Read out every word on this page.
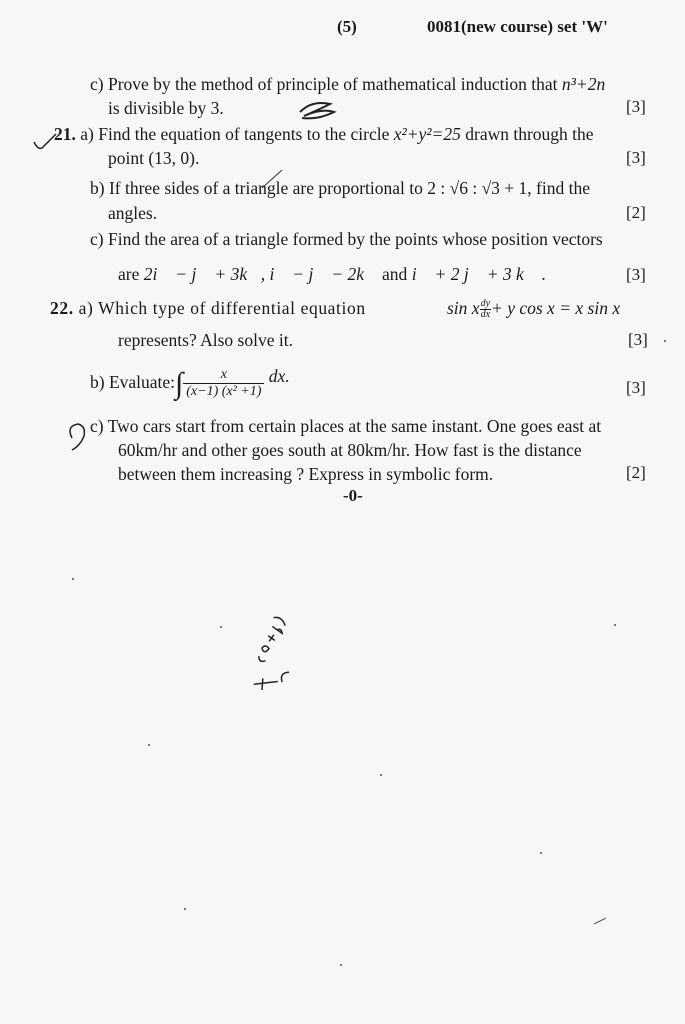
(5)	0081(new course) set 'W'
c) Prove by the method of principle of mathematical induction that n³+2n
is divisible by 3.	[3]
21. a) Find the equation of tangents to the circle x²+y²=25 drawn through the
point (13, 0).	[3]
b) If three sides of a triangle are proportional to 2 : √6 : √3 + 1, find the
angles.	[2]
c) Find the area of a triangle formed by the points whose position vectors
are 2i⃗ − j⃗ + 3k⃗, i⃗ − j⃗ − 2k⃗ and i⃗ + 2 j⃗ + 3 k⃗ .	[3]
22. a) Which type of differential equation	sin x $\frac{dy}{dx} + y$ cos x = x sin x
represents? Also solve it.	[3]
b) Evaluate:∫ $\frac{x}{\text{(x−1) (x² +1)}}$ dx.
[3]
c) Two cars start from certain places at the same instant. One goes east at
60km/hr and other goes south at 80km/hr. How fast is the distance
between them increasing ? Express in symbolic form.	[2]
-0-
